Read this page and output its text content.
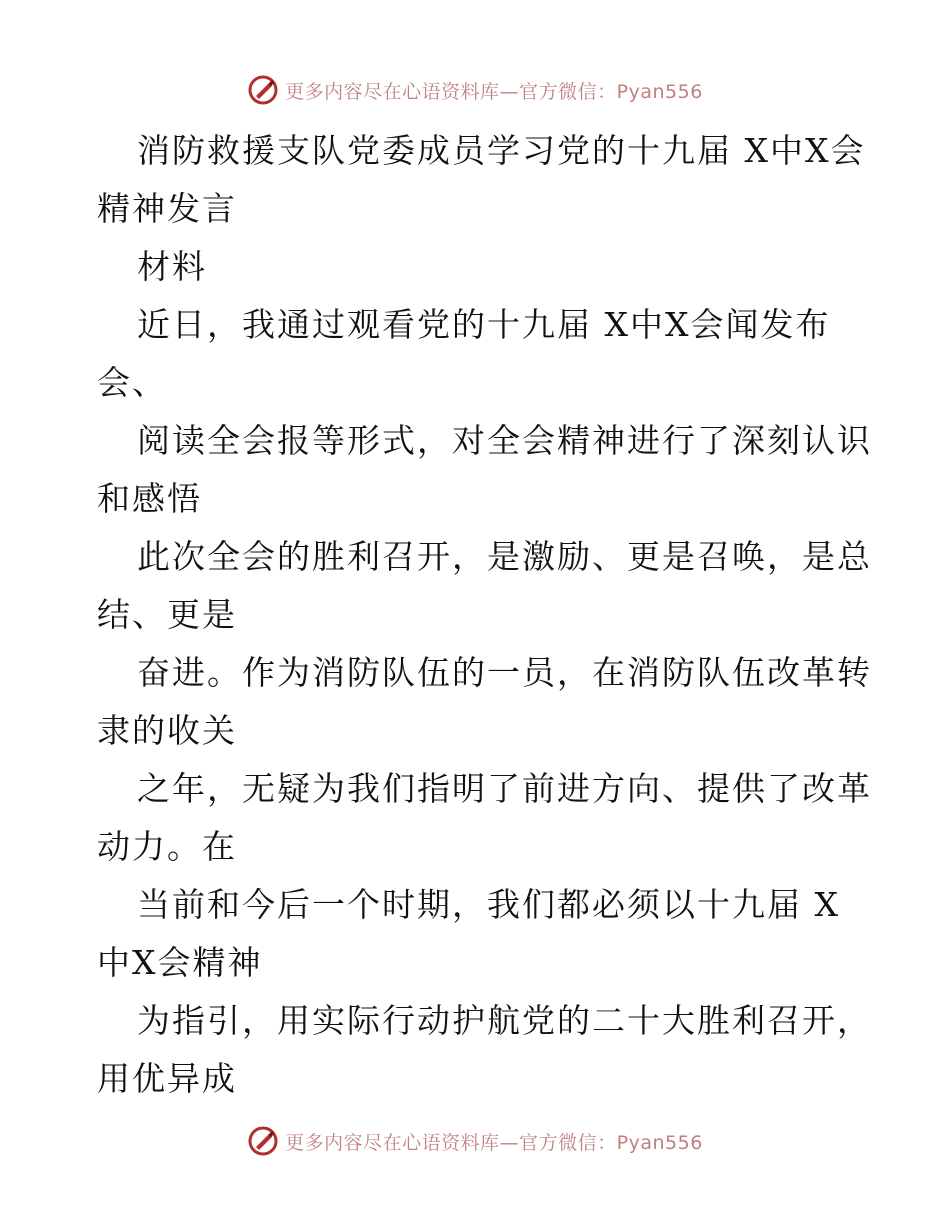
更多内容尽在心语资料库—官方微信：Pyan556
消防救援支队党委成员学习党的十九届 X中X会
精神发言
材料
近日，我通过观看党的十九届 X中X会闻发布
会、
阅读全会报等形式，对全会精神进行了深刻认识
和感悟
此次全会的胜利召开，是激励、更是召唤，是总
结、更是
奋进。作为消防队伍的一员，在消防队伍改革转
隶的收关
之年，无疑为我们指明了前进方向、提供了改革
动力。在
当前和今后一个时期，我们都必须以十九届 X
中X会精神
为指引，用实际行动护航党的二十大胜利召开，
用优异成
更多内容尽在心语资料库—官方微信：Pyan556
